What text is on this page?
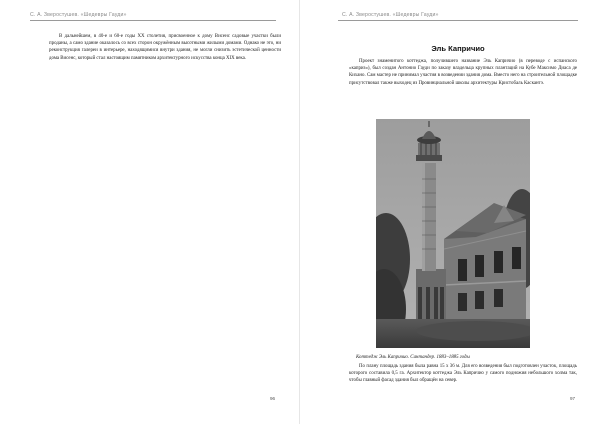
С. А. Зверостушев. «Шедевры Гауди»

В дальнейшем, в 40-е и 60-е годы XX столетия, присвоенное к дому Висенс садовые участки были проданы, а само здание оказалось со всех сторон окружённым высотными жилыми домами. Однако не это, ни реконструкция галереи в интерьере, находящимися внутри здания, не могли снизить эстетической ценности дома Висенс, который стал настоящим памятником архитектурного искусства конца XIX века.

96
С. А. Зверостушев. «Шедевры Гауди»
Эль Капричио

Проект знаменитого коттеджа, получившего название Эль Капричио (в переводе с испанского «каприз»), был создан Антонио Гауди по заказу владельца крупных плантаций на Кубе Максимо Диаса де Кихано. Сам мастер не принимал участия в возведении здания дома. Вместо него на строительной площадке присутствовал также выходец из Провинциальной школы архитектуры Кристобаль Каскантэ.

Коттедж Эль Капричио. Сантандер. 1883–1885 годы

По плану площадь здания была равна 15 х 36 м. Для его возведения был подготовлен участок, площадь которого составила 0,5 га. Архитектор коттеджа Эль Капричио у самого подножия небольшого холма так, чтобы главный фасад здания был обращён на север.

97
